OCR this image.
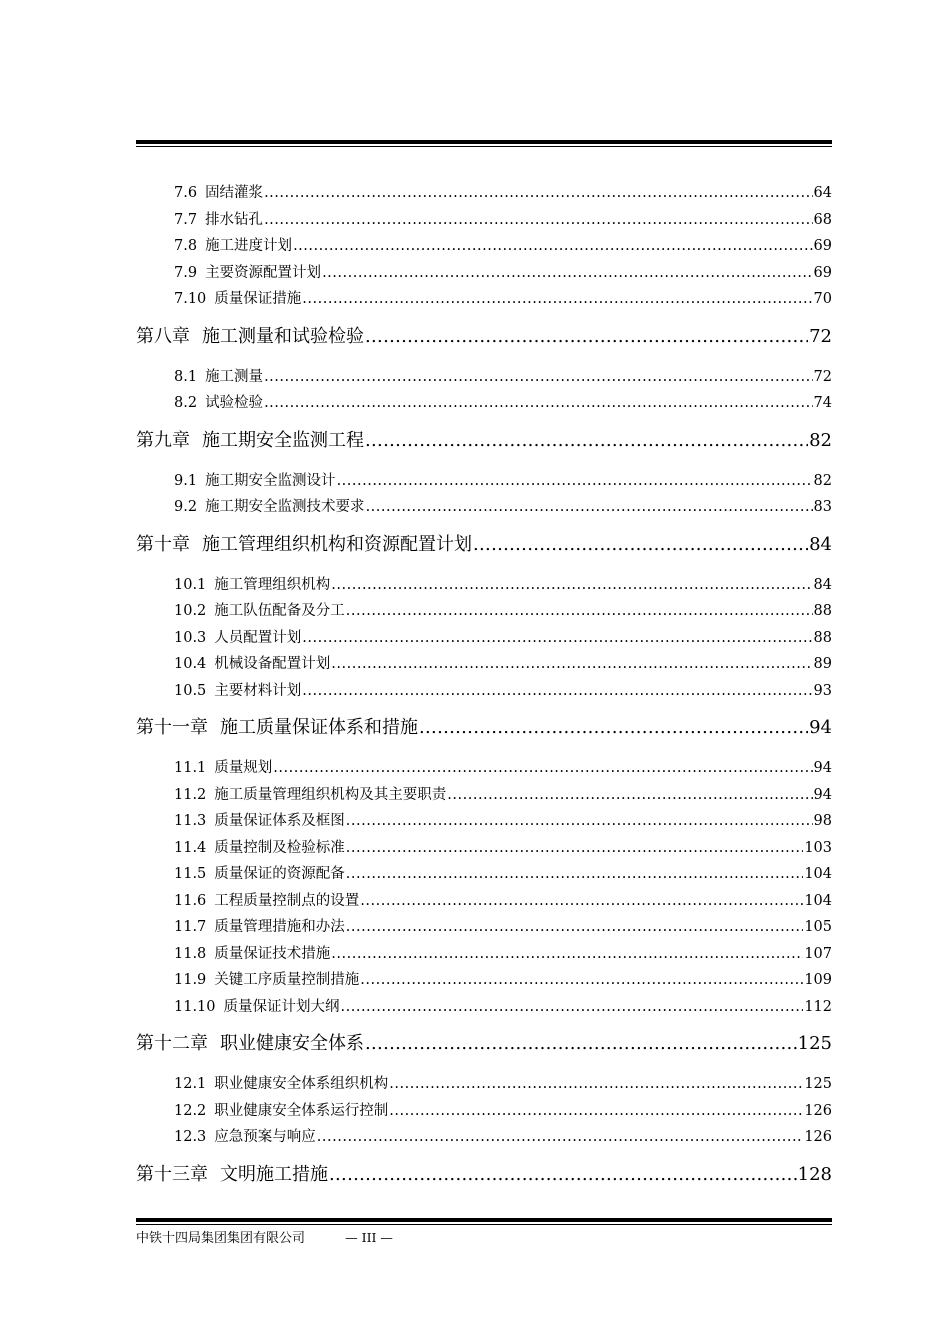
7.6 固结灌浆 .....	64
7.7 排水钻孔 .....	68
7.8 施工进度计划 .....	69
7.9 主要资源配置计划 .....	69
7.10 质量保证措施 .....	70
第八章 施工测量和试验检验 .....	72
8.1 施工测量 .....	72
8.2 试验检验 .....	74
第九章 施工期安全监测工程 .....	82
9.1 施工期安全监测设计 .....	82
9.2 施工期安全监测技术要求 .....	83
第十章 施工管理组织机构和资源配置计划 .....	84
10.1 施工管理组织机构 .....	84
10.2 施工队伍配备及分工 .....	88
10.3 人员配置计划 .....	88
10.4 机械设备配置计划 .....	89
10.5 主要材料计划 .....	93
第十一章 施工质量保证体系和措施 .....	94
11.1 质量规划 .....	94
11.2 施工质量管理组织机构及其主要职责 .....	94
11.3 质量保证体系及框图 .....	98
11.4 质量控制及检验标准 .....	103
11.5 质量保证的资源配备 .....	104
11.6 工程质量控制点的设置 .....	104
11.7 质量管理措施和办法 .....	105
11.8 质量保证技术措施 .....	107
11.9 关键工序质量控制措施 .....	109
11.10 质量保证计划大纲 .....	112
第十二章 职业健康安全体系 .....	125
12.1 职业健康安全体系组织机构 .....	125
12.2 职业健康安全体系运行控制 .....	126
12.3 应急预案与响应 .....	126
第十三章 文明施工措施 .....	128
中铁十四局集团集团有限公司	— III —
